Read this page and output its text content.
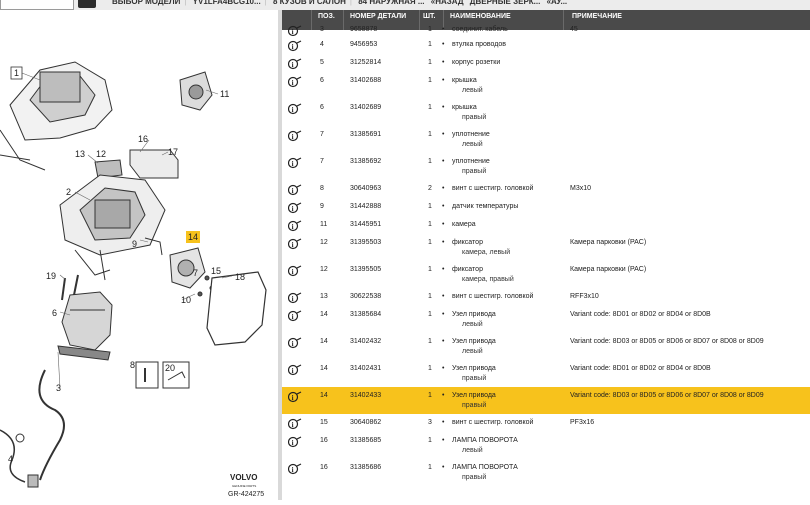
ВЫБОР МОДЕЛИ | YV1LFA4BCG10... | 8 КУЗОВ И САЛОН | 84 НАРУЖНАЯ ... «НАЗАД ДВЕРНЫЕ ЗЕРК... «АУ...
1
11
16
17
13 12
2
14
9
15
18
19
10
7
6
8	20
3
4
VOLVO
GENUINE PARTS
GR-424275
ПОЗ.	НОМЕР ДЕТАЛИ	ШТ.	НАИМЕНОВАНИЕ	ПРИМЕЧАНИЕ
i	3	9658878	1 • соединит. кабель	45
i	4	9456953	1 • втулка проводов
i	5	31252814	1 • корпус розетки
i	6	31402688	1 • крышка
левый
i	6	31402689	1 • крышка
правый
i	7	31385691	1 • уплотнение
левый
i	7	31385692	1 • уплотнение
правый
i	8	30640963	2 • винт с шестигр. головкой	M3x10
i	9	31442888	1 • датчик температуры
i	11	31445951	1 • камера
i	12	31395503	1 • фиксатор
камера, левый
Камера парковки (PAC)
i	12	31395505	1 • фиксатор
камера, правый
Камера парковки (PAC)
i	13	30622538	1 • винт с шестигр. головкой	RFF3x10
i	14	31385684	1 • Узел привода
левый
Variant code: 8D01 or 8D02 or 8D04 or 8D0B
i	14	31402432	1 • Узел привода
левый
Variant code: 8D03 or 8D05 or 8D06 or 8D07 or 8D08 or 8D09
i	14	31402431	1 • Узел привода
правый
Variant code: 8D01 or 8D02 or 8D04 or 8D0B
i	14	31402433	1 • Узел привода
правый
Variant code: 8D03 or 8D05 or 8D06 or 8D07 or 8D08 or 8D09
i	15	30640862	3 • винт с шестигр. головкой	PF3x16
i	16	31385685	1 • ЛАМПА ПОВОРОТА
левый
i	16	31385686	1 • ЛАМПА ПОВОРОТА
правый
